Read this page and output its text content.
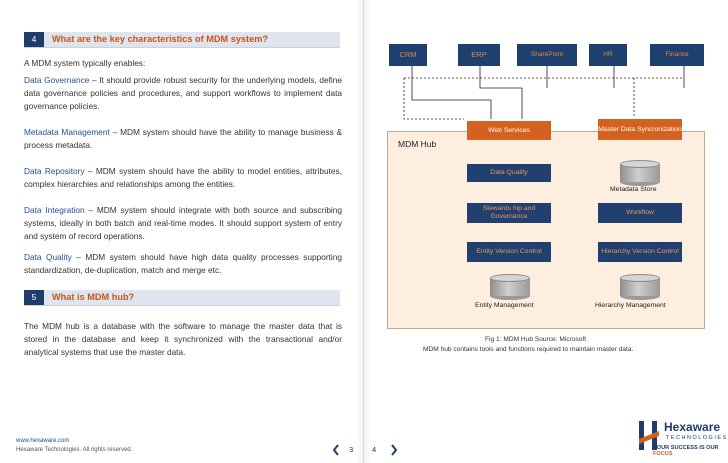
4	What are the key characteristics of MDM system?
A MDM system typically enables:
Data Governance – It should provide robust security for the underlying models, define data governance policies and procedures, and support workflows to implement data governance policies.
Metadata Management – MDM system should have the ability to manage business & process metadata.
Data Repository – MDM system should have the ability to model entities, attributes, complex hierarchies and relationships among the entities.
Data Integration – MDM system should integrate with both source and subscribing systems, ideally in both batch and real-time modes. It should support system of entry and system of record operations.
Data Quality – MDM system should have high data quality processes supporting standardization, de-duplication, match and merge etc.
5	What is MDM hub?
The MDM hub is a database with the software to manage the master data that is stored in the database and keep it synchronized with the transactional and/or analytical systems that use the master data.
www.hexaware.com
Hexaware Technologies. All rights reserved.	3	4
CRM	ERP	SharePoint	HR	Finance
MDM Hub
Web Services	Master Data Syncronization
Data Quality
Metadata Store
Stewards hip and Governance
Workflow
Entity Version Control	Hierarchy Version Control
Entity Management	Hierarchy Management
Fig 1: MDM Hub Source: Microsoft
MDM hub contains tools and functions required to maintain master data.
Hexaware
TECHNOLOGIES
YOUR SUCCESS IS OUR FOCUS
